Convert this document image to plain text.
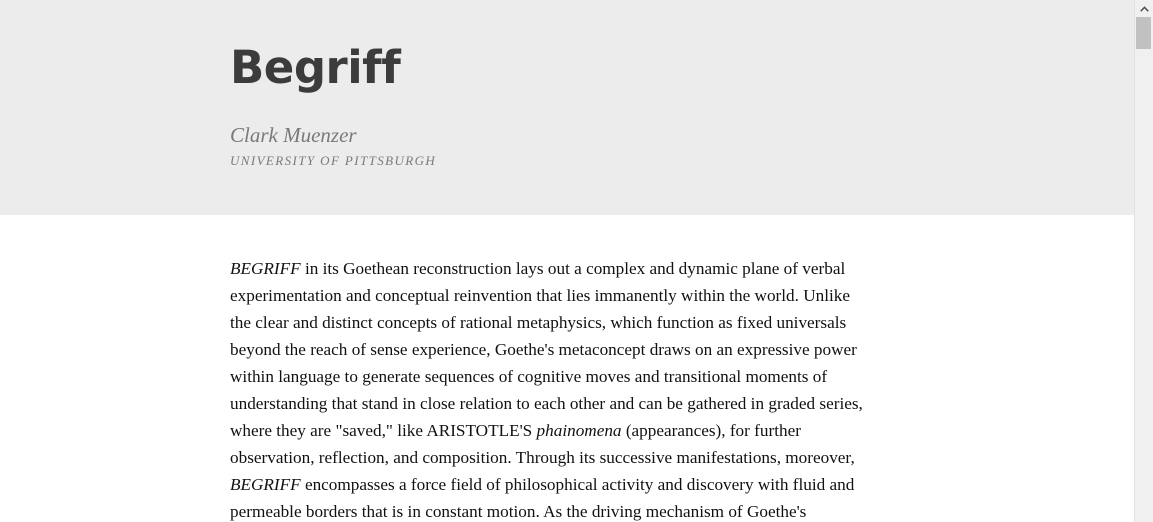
Begriff
Clark Muenzer
UNIVERSITY OF PITTSBURGH
BEGRIFF in its Goethean reconstruction lays out a complex and dynamic plane of verbal
experimentation and conceptual reinvention that lies immanently within the world. Unlike
the clear and distinct concepts of rational metaphysics, which function as fixed universals
beyond the reach of sense experience, Goethe's metaconcept draws on an expressive power
within language to generate sequences of cognitive moves and transitional moments of
understanding that stand in close relation to each other and can be gathered in graded series,
where they are "saved," like ARISTOTLE'S phainomena (appearances), for further
observation, reflection, and composition. Through its successive manifestations, moreover,
BEGRIFF encompasses a force field of philosophical activity and discovery with fluid and
permeable borders that is in constant motion. As the driving mechanism of Goethe's
